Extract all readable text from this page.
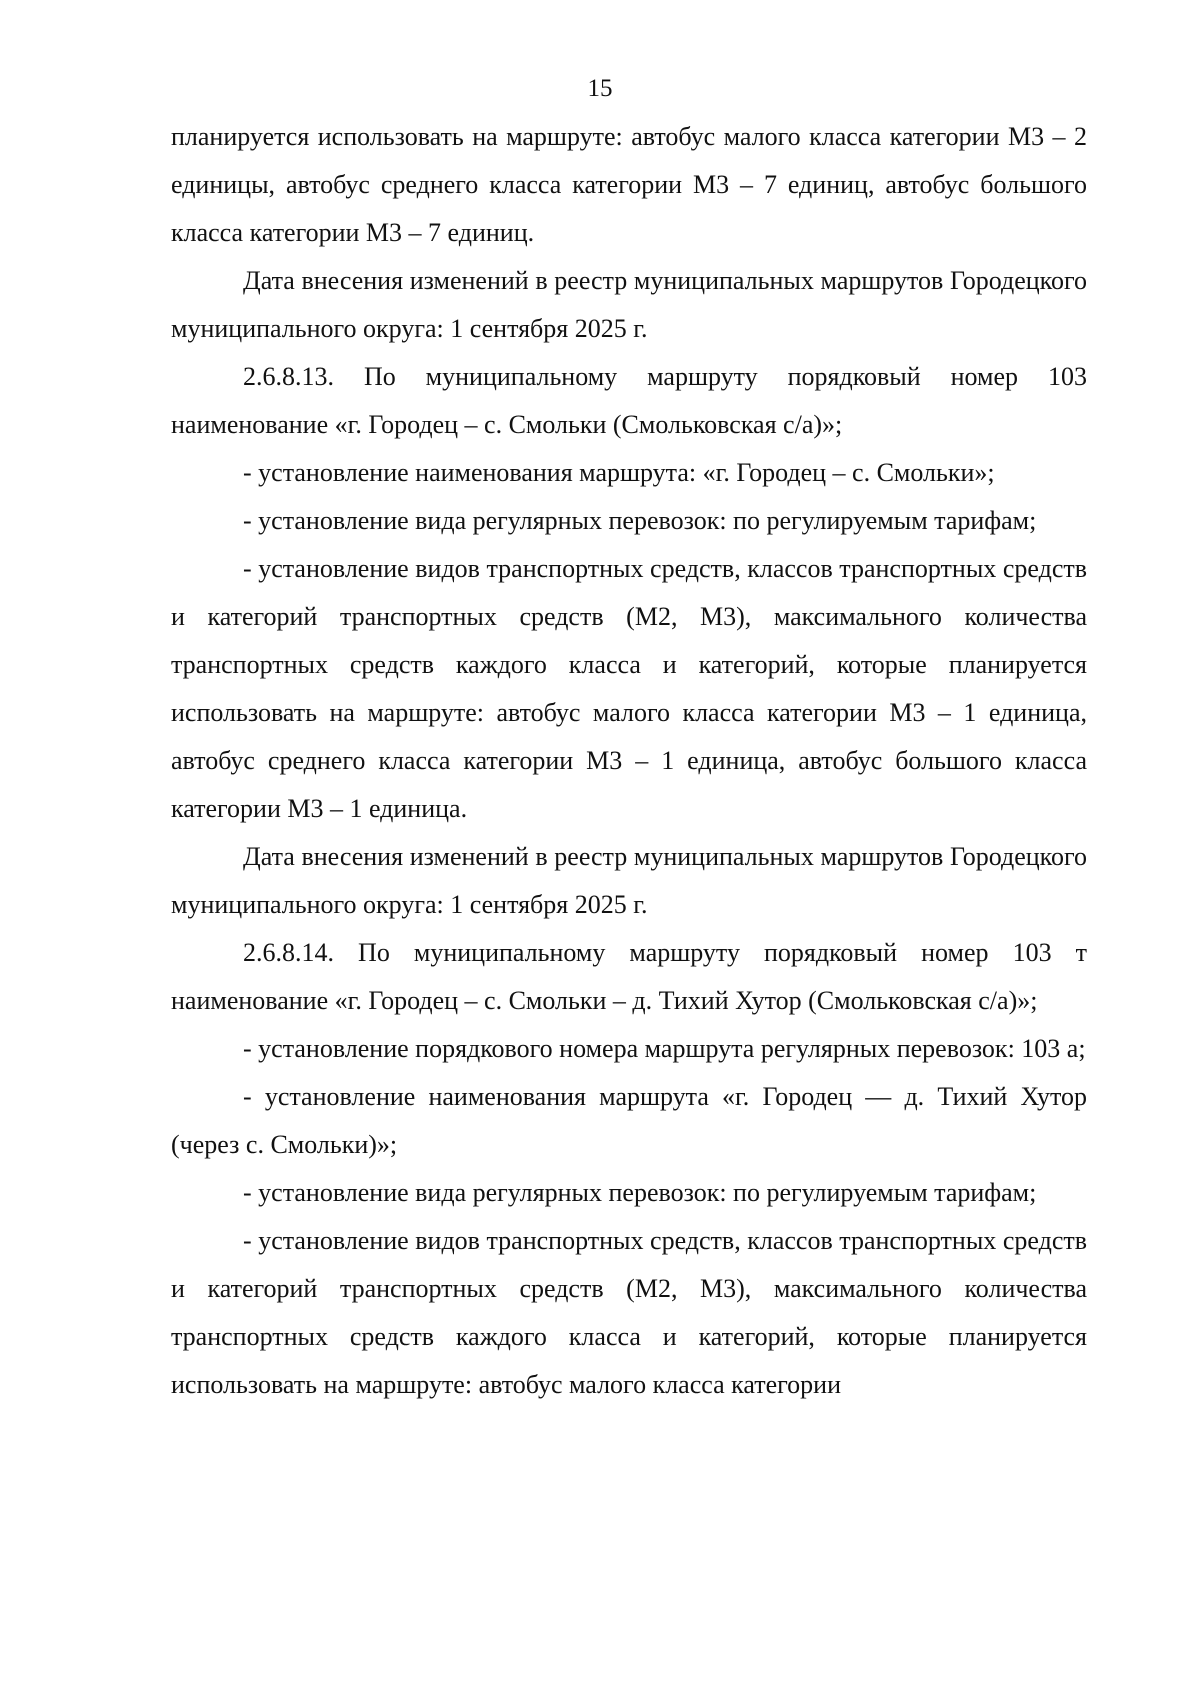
15

планируется использовать на маршруте: автобус малого класса категории М3 – 2 единицы, автобус среднего класса категории М3 – 7 единиц, автобус большого класса категории М3 – 7 единиц.

Дата внесения изменений в реестр муниципальных маршрутов Городецкого муниципального округа: 1 сентября 2025 г.

2.6.8.13. По муниципальному маршруту порядковый номер 103 наименование «г. Городец – с. Смольки (Смольковская с/а)»;

- установление наименования маршрута: «г. Городец – с. Смольки»;

- установление вида регулярных перевозок: по регулируемым тарифам;

- установление видов транспортных средств, классов транспортных средств и категорий транспортных средств (М2, М3), максимального количества транспортных средств каждого класса и категорий, которые планируется использовать на маршруте: автобус малого класса категории М3 – 1 единица, автобус среднего класса категории М3 – 1 единица, автобус большого класса категории М3 – 1 единица.

Дата внесения изменений в реестр муниципальных маршрутов Городецкого муниципального округа: 1 сентября 2025 г.

2.6.8.14. По муниципальному маршруту порядковый номер 103 т наименование «г. Городец – с. Смольки – д. Тихий Хутор (Смольковская с/а)»;

- установление порядкового номера маршрута регулярных перевозок: 103 а;

- установление наименования маршрута «г. Городец — д. Тихий Хутор (через с. Смольки)»;

- установление вида регулярных перевозок: по регулируемым тарифам;

- установление видов транспортных средств, классов транспортных средств и категорий транспортных средств (М2, М3), максимального количества транспортных средств каждого класса и категорий, которые планируется использовать на маршруте: автобус малого класса категории
